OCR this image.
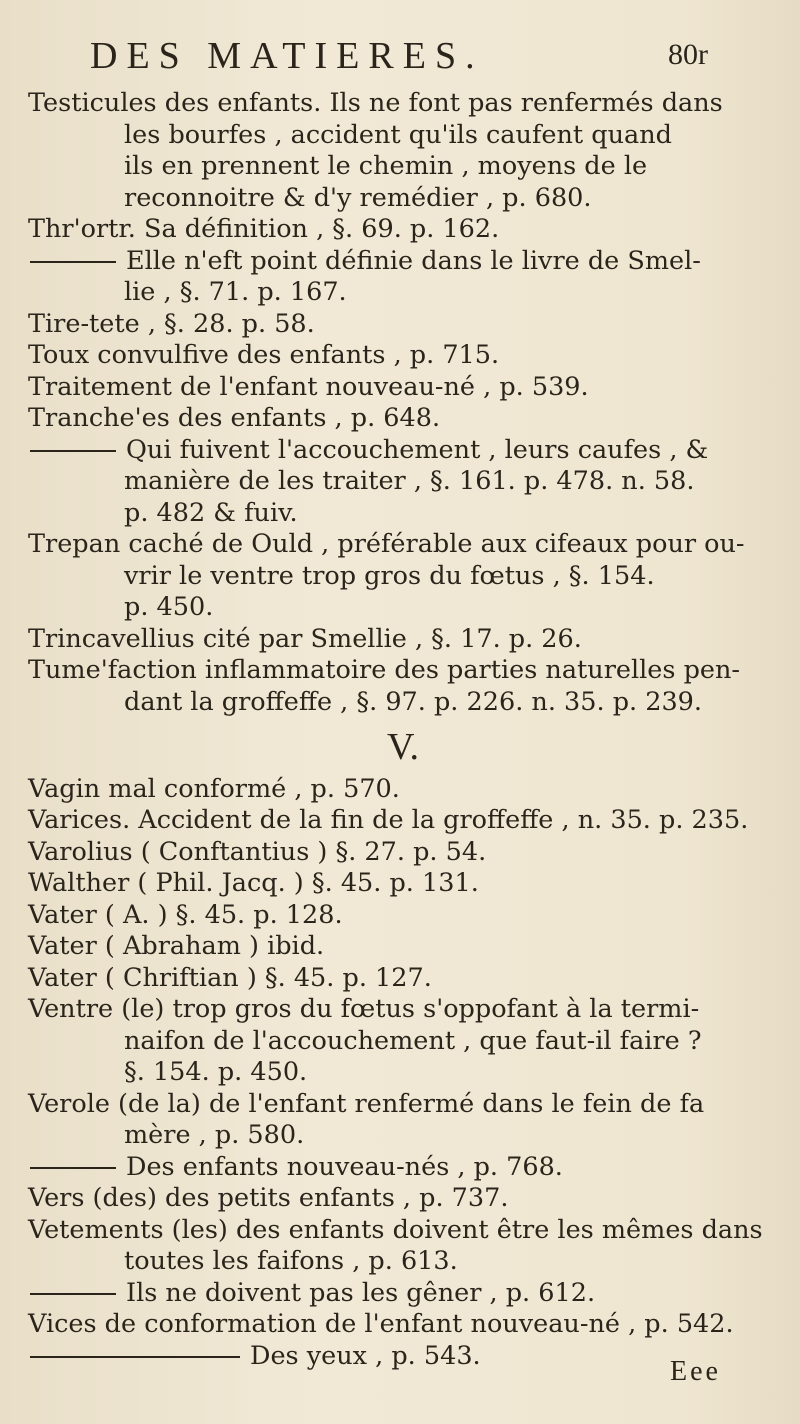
DES MATIERES.	80r

Testicules des enfants. Ils ne font pas renfermés dans
les bourfes , accident qu'ils caufent quand
ils en prennent le chemin , moyens de le
reconnoitre & d'y remédier , p. 680.

Thr'ortr. Sa définition , §. 69. p. 162.

Elle n'eft point définie dans le livre de Smel-
lie , §. 71. p. 167.

Tire-tete , §. 28. p. 58.

Toux convulfive des enfants , p. 715.

Traitement de l'enfant nouveau-né , p. 539.

Tranche'es des enfants , p. 648.

Qui fuivent l'accouchement , leurs caufes , &
manière de les traiter , §. 161. p. 478. n. 58.
p. 482 & fuiv.

Trepan caché de Ould , préférable aux cifeaux pour ou-
vrir le ventre trop gros du fœtus , §. 154.
p. 450.

Trincavellius cité par Smellie , §. 17. p. 26.

Tume'faction inflammatoire des parties naturelles pen-
dant la groffeffe , §. 97. p. 226. n. 35. p. 239.

V.

Vagin mal conformé , p. 570.

Varices. Accident de la fin de la groffeffe , n. 35. p. 235.

Varolius ( Conftantius ) §. 27. p. 54.

Walther ( Phil. Jacq. ) §. 45. p. 131.

Vater ( A. ) §. 45. p. 128.

Vater ( Abraham ) ibid.

Vater ( Chriftian ) §. 45. p. 127.

Ventre (le) trop gros du fœtus s'oppofant à la termi-
naifon de l'accouchement , que faut-il faire ?
§. 154. p. 450.

Verole (de la) de l'enfant renfermé dans le fein de fa
mère , p. 580.

Des enfants nouveau-nés , p. 768.

Vers (des) des petits enfants , p. 737.

Vetements (les) des enfants doivent être les mêmes dans
toutes les faifons , p. 613.

Ils ne doivent pas les gêner , p. 612.

Vices de conformation de l'enfant nouveau-né , p. 542.

Des yeux , p. 543.

Eee
